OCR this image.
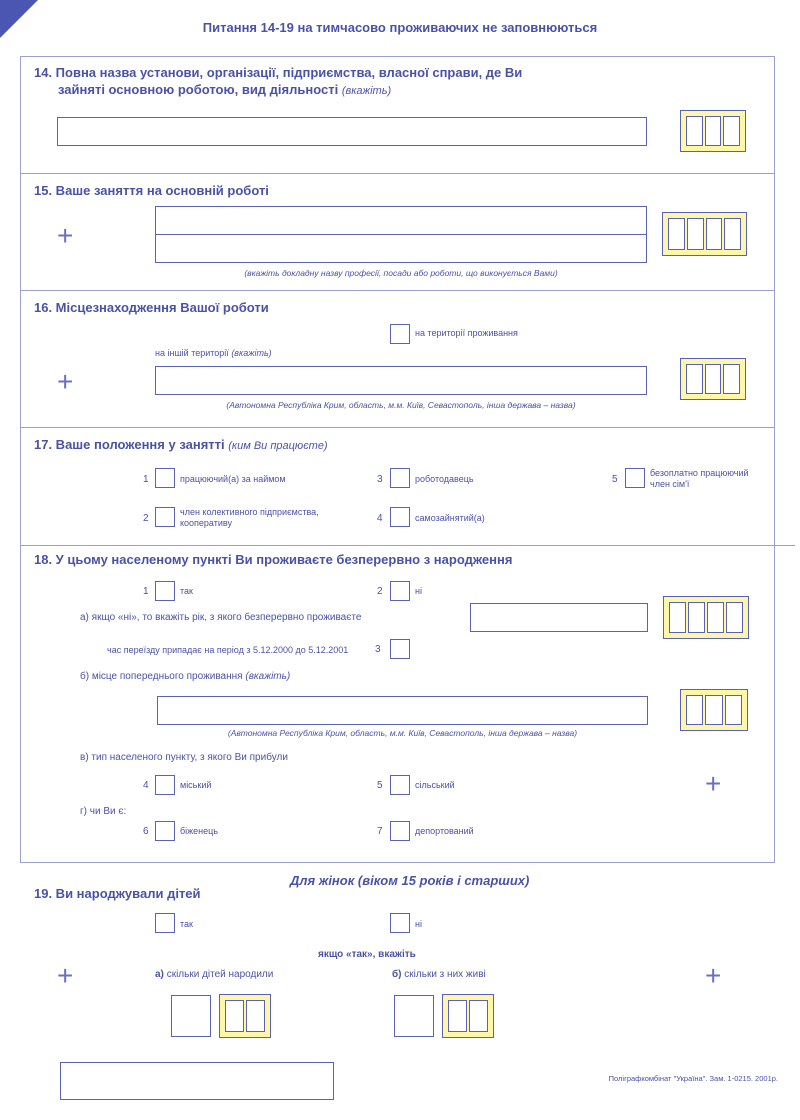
Питання 14-19 на тимчасово проживаючих не заповнюються
14. Повна назва установи, організації, підприємства, власної справи, де Ви
зайняті основною роботою, вид діяльності (вкажіть)
15. Ваше заняття на основній роботі
+
(вкажіть докладну назву професії, посади або роботи, що виконується Вами)
16. Місцезнаходження Вашої роботи
на території проживання
на іншій території (вкажіть)
+
(Автономна Республіка Крим, область, м.м. Київ, Севастополь, інша держава – назва)
17. Ваше положення у занятті (ким Ви працюєте)
1	працюючий(а) за наймом
2
член колективного підприємства,
кооперативу
3	роботодавець
4	самозайнятий(а)
5
безоплатно працюючий
член сім'ї
18. У цьому населеному пункті Ви проживаєте безперервно з народження
1	так	2	ні
а) якщо «ні», то вкажіть рік, з якого безперервно проживаєте
час переїзду припадає на період з 5.12.2000 до 5.12.2001	3
б) місце попереднього проживання (вкажіть)
(Автономна Республіка Крим, область, м.м. Київ, Севастополь, інша держава – назва)
в) тип населеного пункту, з якого Ви прибули
4	міський	5	сільський	+
г) чи Ви є:
6	біженець	7	депортований
Для жінок (віком 15 років і старших)
19. Ви народжували дітей
так	ні
якщо «так», вкажіть
+	+
а) скільки дітей народили	б) скільки з них живі
Поліграфкомбінат "Україна". Зам. 1-0215. 2001р.
